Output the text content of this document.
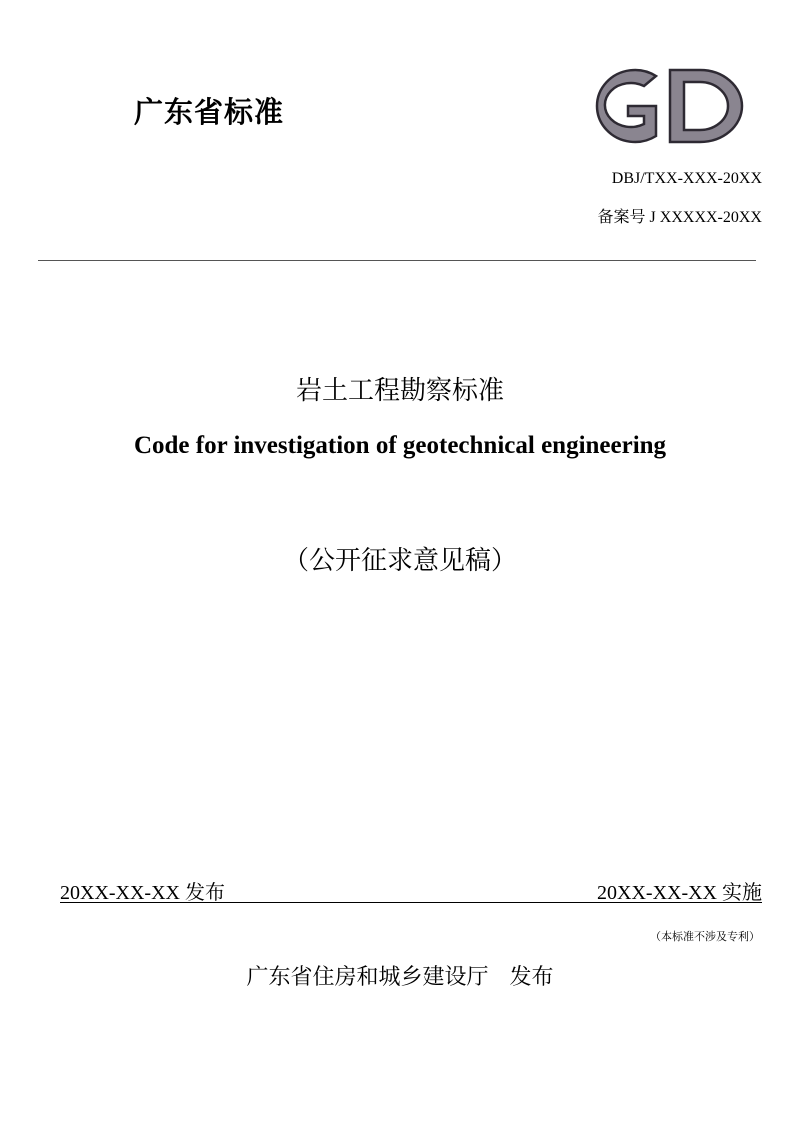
广东省标准
DBJ/TXX-XXX-20XX
备案号 J XXXXX-20XX
岩土工程勘察标准
Code for investigation of geotechnical engineering
（公开征求意见稿）
20XX-XX-XX 发布	20XX-XX-XX 实施
（本标准不涉及专利）
广东省住房和城乡建设厅   发布
